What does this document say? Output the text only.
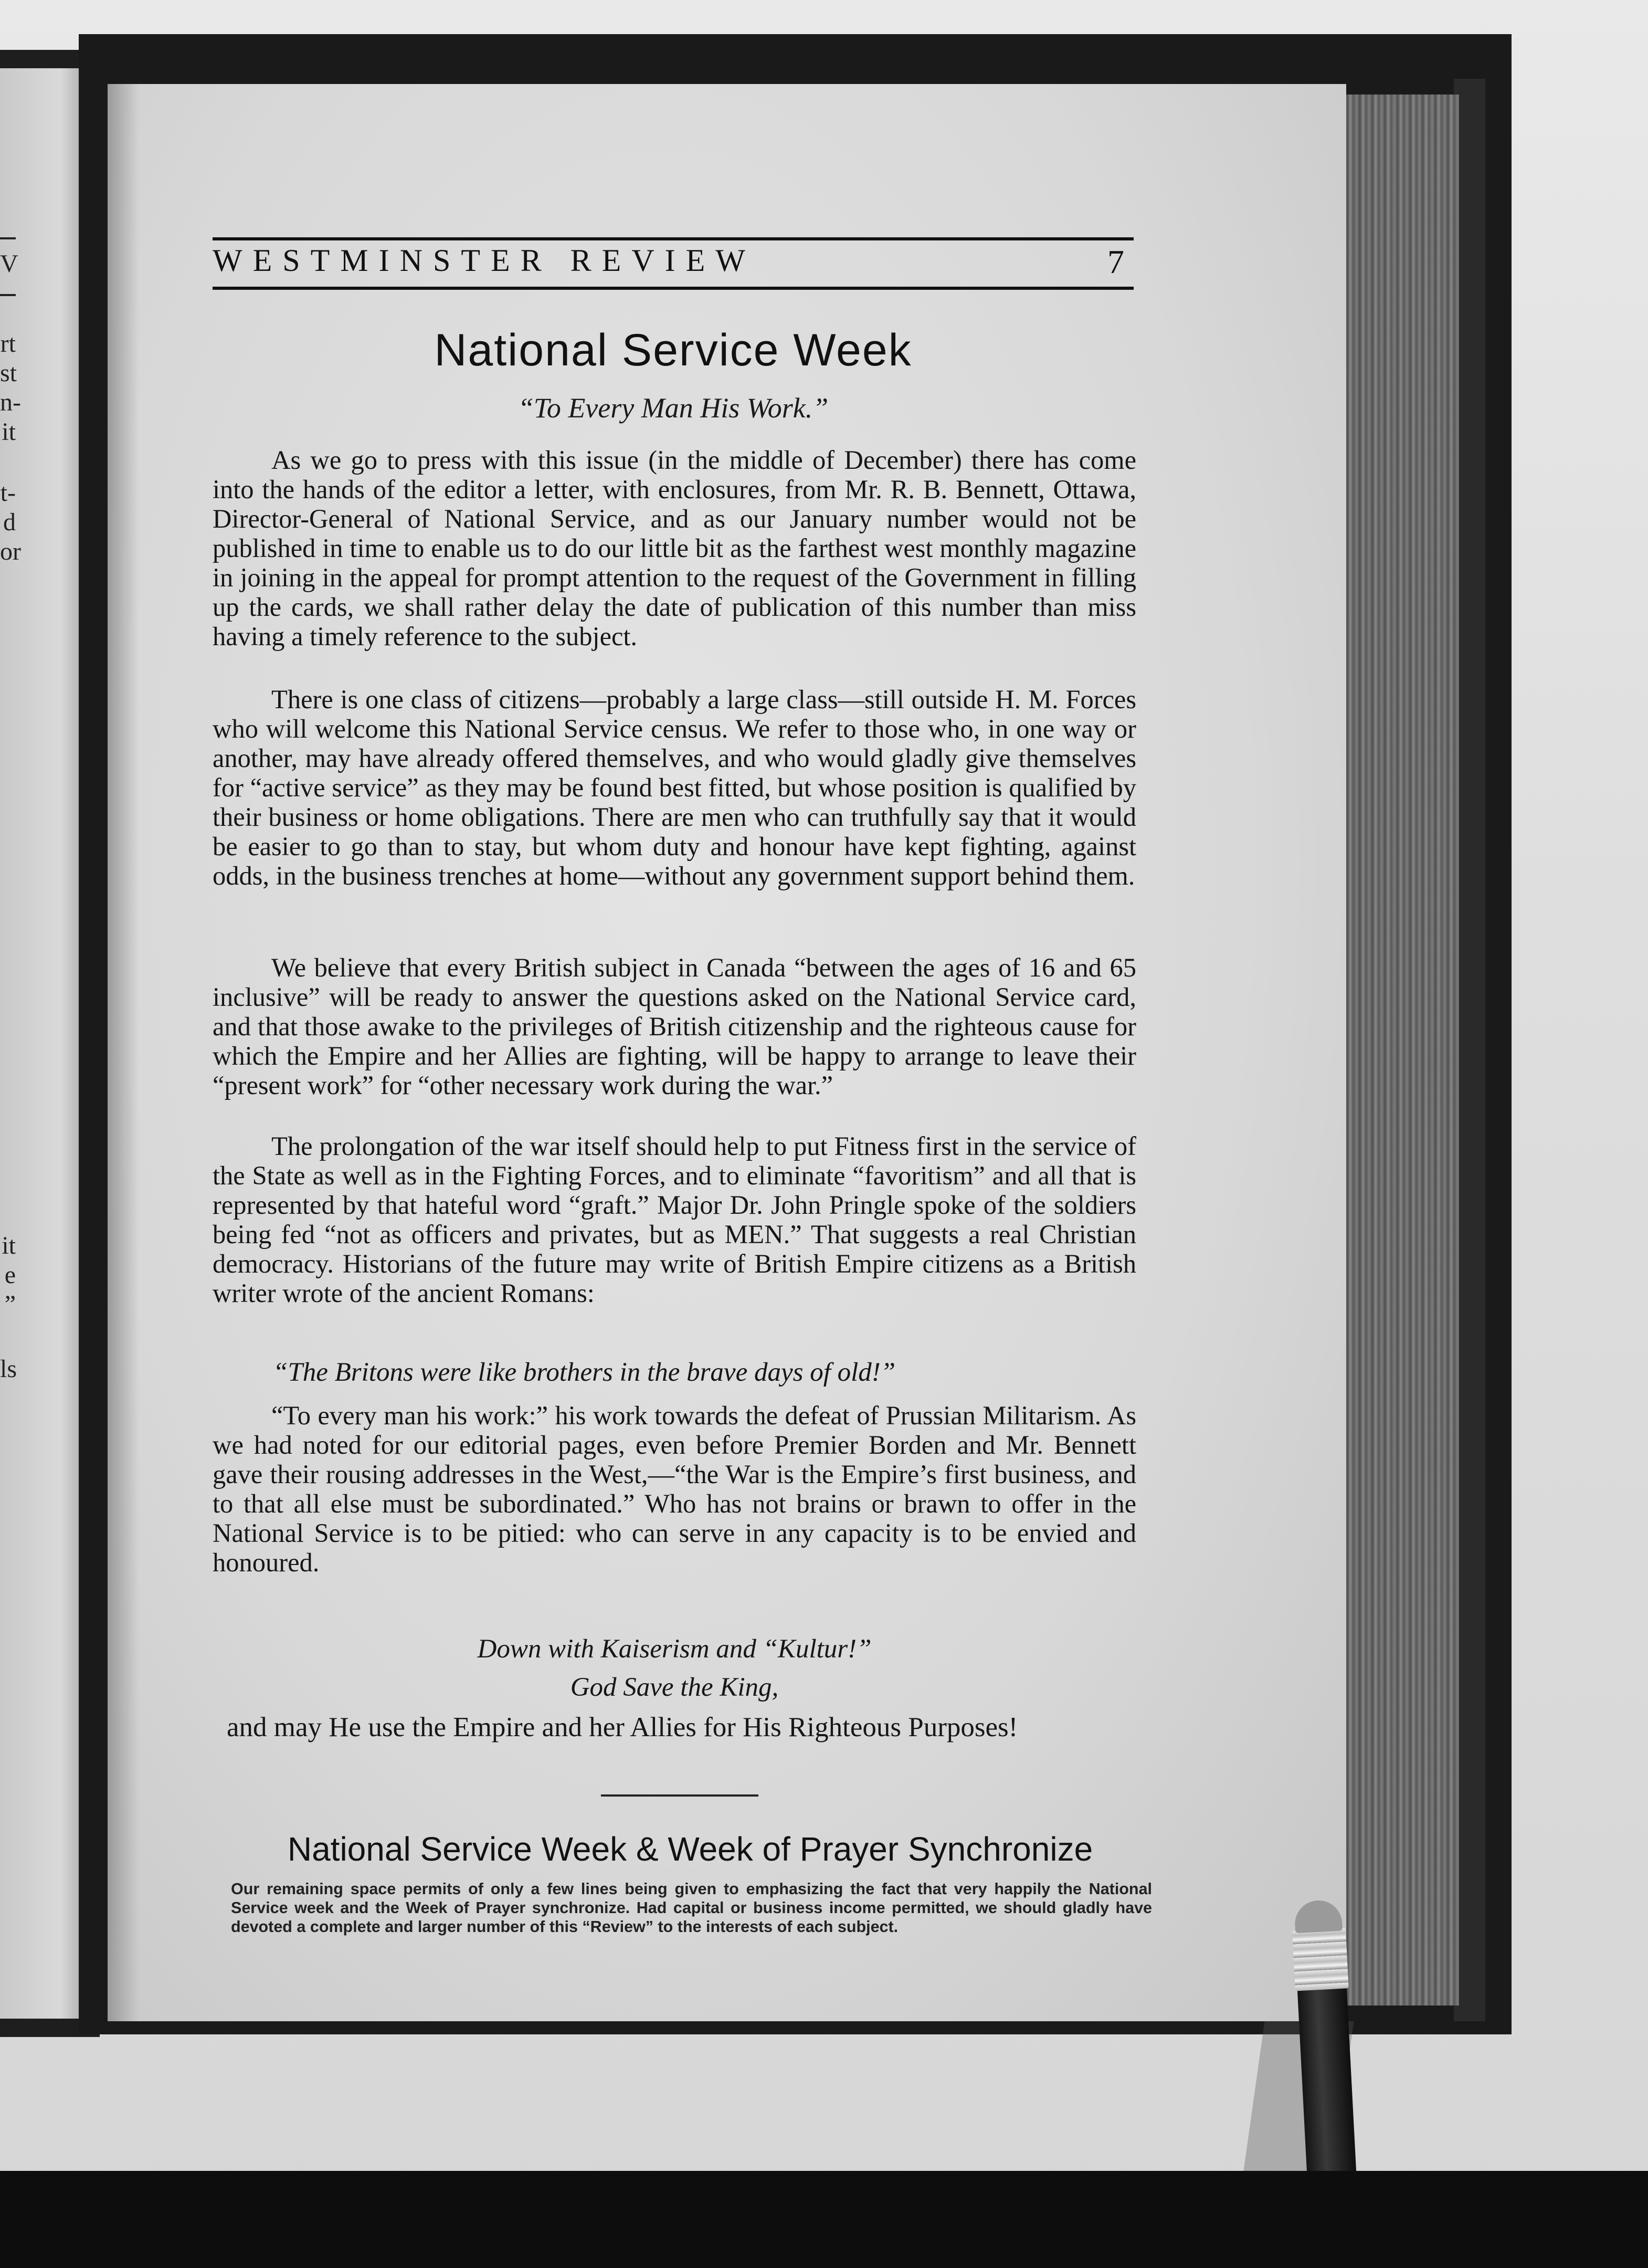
V
rt
st
n-
it
t-
d
or
it
e
”
ls
WESTMINSTER REVIEW	7
National Service Week
“To Every Man His Work.”

As we go to press with this issue (in the middle of December) there has come into the hands of the editor a letter, with enclosures, from Mr. R. B. Bennett, Ottawa, Director-General of National Service, and as our January number would not be published in time to enable us to do our little bit as the farthest west monthly magazine in joining in the appeal for prompt attention to the request of the Government in filling up the cards, we shall rather delay the date of publication of this number than miss having a timely reference to the subject.

There is one class of citizens—probably a large class—still outside H. M. Forces who will welcome this National Service census. We refer to those who, in one way or another, may have already offered themselves, and who would gladly give themselves for “active service” as they may be found best fitted, but whose position is qualified by their business or home obligations. There are men who can truthfully say that it would be easier to go than to stay, but whom duty and honour have kept fighting, against odds, in the business trenches at home—without any government support behind them.

We believe that every British subject in Canada “between the ages of 16 and 65 inclusive” will be ready to answer the questions asked on the National Service card, and that those awake to the privileges of British citizenship and the righteous cause for which the Empire and her Allies are fighting, will be happy to arrange to leave their “present work” for “other necessary work during the war.”

The prolongation of the war itself should help to put Fitness first in the service of the State as well as in the Fighting Forces, and to eliminate “favoritism” and all that is represented by that hateful word “graft.” Major Dr. John Pringle spoke of the soldiers being fed “not as officers and privates, but as MEN.” That suggests a real Christian democracy. Historians of the future may write of British Empire citizens as a British writer wrote of the ancient Romans:

“The Britons were like brothers in the brave days of old!”

“To every man his work:” his work towards the defeat of Prussian Militarism. As we had noted for our editorial pages, even before Premier Borden and Mr. Bennett gave their rousing addresses in the West,—“the War is the Empire’s first business, and to that all else must be subordinated.” Who has not brains or brawn to offer in the National Service is to be pitied: who can serve in any capacity is to be envied and honoured.

Down with Kaiserism and “Kultur!”
God Save the King,
and may He use the Empire and her Allies for His Righteous Purposes!
National Service Week & Week of Prayer Synchronize

Our remaining space permits of only a few lines being given to emphasizing the fact that very happily the National Service week and the Week of Prayer synchronize. Had capital or business income permitted, we should gladly have devoted a complete and larger number of this “Review” to the interests of each subject.
